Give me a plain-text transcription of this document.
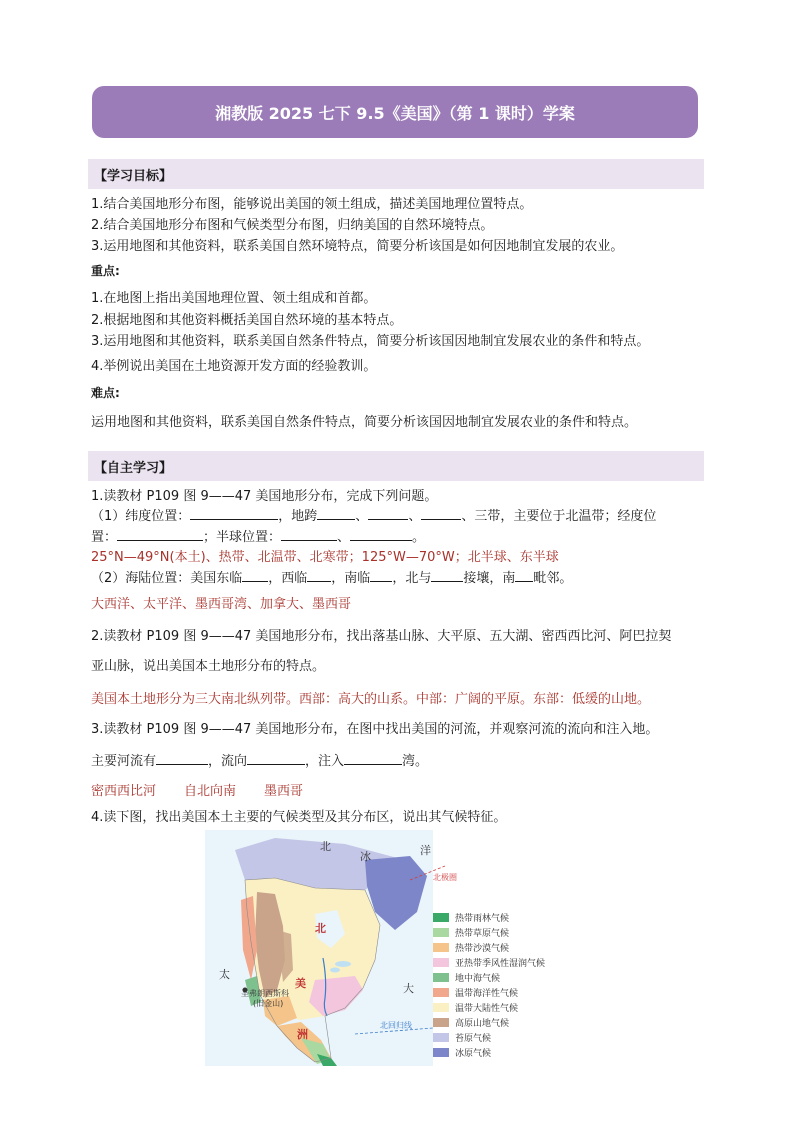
湘教版 2025 七下 9.5《美国》（第 1 课时）学案
【学习目标】
1.结合美国地形分布图，能够说出美国的领土组成，描述美国地理位置特点。
2.结合美国地形分布图和气候类型分布图，归纳美国的自然环境特点。
3.运用地图和其他资料，联系美国自然环境特点，简要分析该国是如何因地制宜发展的农业。
重点:
1.在地图上指出美国地理位置、领土组成和首都。
2.根据地图和其他资料概括美国自然环境的基本特点。
3.运用地图和其他资料，联系美国自然条件特点，简要分析该国因地制宜发展农业的条件和特点。
4.举例说出美国在土地资源开发方面的经验教训。
难点:
运用地图和其他资料，联系美国自然条件特点，简要分析该国因地制宜发展农业的条件和特点。
【自主学习】
1.读教材 P109 图 9——47 美国地形分布，完成下列问题。
（1）纬度位置：	，地跨	、	、	、三带，主要位于北温带；经度位
置：	；半球位置：	、	。
25°N—49°N(本土)、热带、北温带、北寒带；125°W—70°W；北半球、东半球
（2）海陆位置：美国东临 ，西临 ，南临 ，北与 接壤，南 毗邻。
大西洋、太平洋、墨西哥湾、加拿大、墨西哥
2.读教材 P109 图 9——47 美国地形分布，找出落基山脉、大平原、五大湖、密西西比河、阿巴拉契
亚山脉，说出美国本土地形分布的特点。
美国本土地形分为三大南北纵列带。西部：高大的山系。中部：广阔的平原。东部：低缓的山地。
3.读教材 P109 图 9——47 美国地形分布，在图中找出美国的河流，并观察河流的流向和注入地。
主要河流有	，流向	，注入	湾。
密西西比河 自北向南 墨西哥
4.读下图，找出美国本土主要的气候类型及其分布区，说出其气候特征。
北
冰	洋
北极圈
北
美
洲
太
大
圣弗朗西斯科
(旧金山)
北回归线
热带雨林气候
热带草原气候
热带沙漠气候
亚热带季风性湿润气候
地中海气候
温带海洋性气候
温带大陆性气候
高原山地气候
苔原气候
冰原气候
